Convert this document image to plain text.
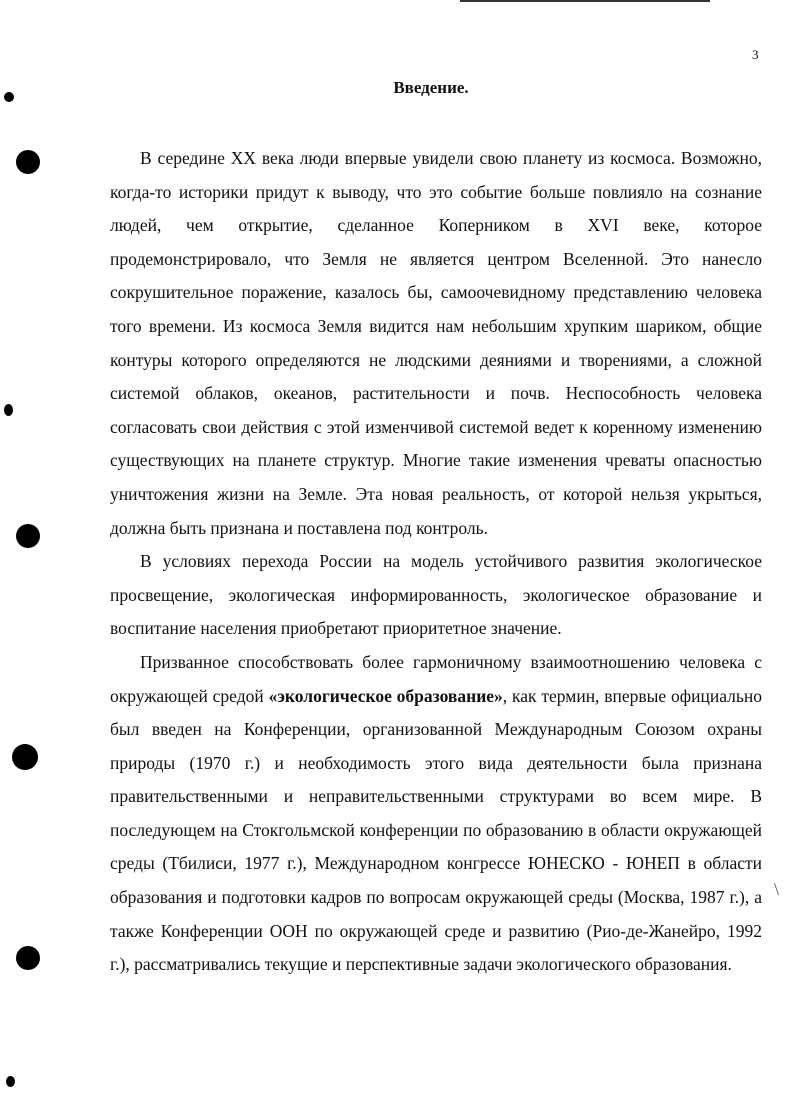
3
Введение.

В середине XX века люди впервые увидели свою планету из космоса. Возможно, когда-то историки придут к выводу, что это событие больше повлияло на сознание людей, чем открытие, сделанное Коперником в XVI веке, которое продемонстрировало, что Земля не является центром Вселенной. Это нанесло сокрушительное поражение, казалось бы, самоочевидному представлению человека того времени. Из космоса Земля видится нам небольшим хрупким шариком, общие контуры которого определяются не людскими деяниями и творениями, а сложной системой облаков, океанов, растительности и почв. Неспособность человека согласовать свои действия с этой изменчивой системой ведет к коренному изменению существующих на планете структур. Многие такие изменения чреваты опасностью уничтожения жизни на Земле. Эта новая реальность, от которой нельзя укрыться, должна быть признана и поставлена под контроль.

В условиях перехода России на модель устойчивого развития экологическое просвещение, экологическая информированность, экологическое образование и воспитание населения приобретают приоритетное значение.

Призванное способствовать более гармоничному взаимоотношению человека с окружающей средой «экологическое образование», как термин, впервые официально был введен на Конференции, организованной Международным Союзом охраны природы (1970 г.) и необходимость этого вида деятельности была признана правительственными и неправительственными структурами во всем мире. В последующем на Стокгольмской конференции по образованию в области окружающей среды (Тбилиси, 1977 г.), Международном конгрессе ЮНЕСКО - ЮНЕП в области образования и подготовки кадров по вопросам окружающей среды (Москва, 1987 г.), а также Конференции ООН по окружающей среде и развитию (Рио-де-Жанейро, 1992 г.), рассматривались текущие и перспективные задачи экологического образования.

\
